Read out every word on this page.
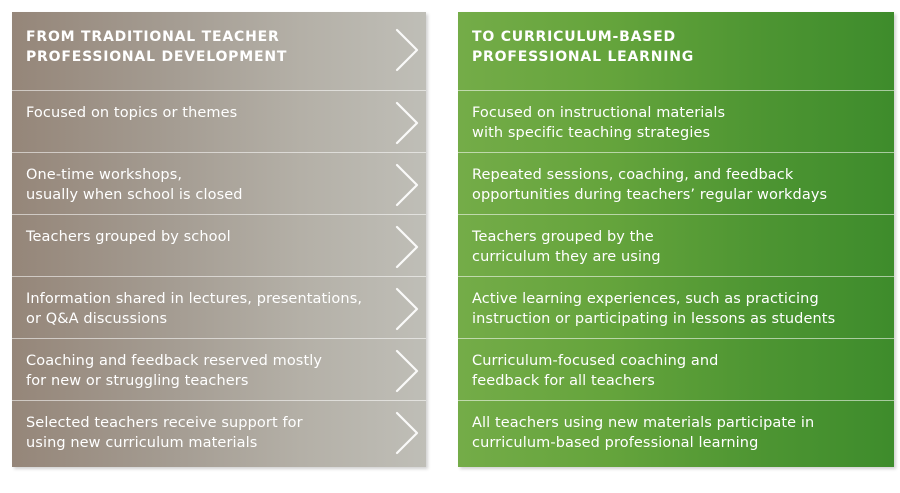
FROM TRADITIONAL TEACHER
PROFESSIONAL DEVELOPMENT
Focused on topics or themes
One-time workshops,
usually when school is closed
Teachers grouped by school
Information shared in lectures, presentations,
or Q&A discussions
Coaching and feedback reserved mostly
for new or struggling teachers
Selected teachers receive support for
using new curriculum materials
TO CURRICULUM-BASED
PROFESSIONAL LEARNING
Focused on instructional materials
with specific teaching strategies
Repeated sessions, coaching, and feedback
opportunities during teachers’ regular workdays
Teachers grouped by the
curriculum they are using
Active learning experiences, such as practicing
instruction or participating in lessons as students
Curriculum-focused coaching and
feedback for all teachers
All teachers using new materials participate in
curriculum-based professional learning
